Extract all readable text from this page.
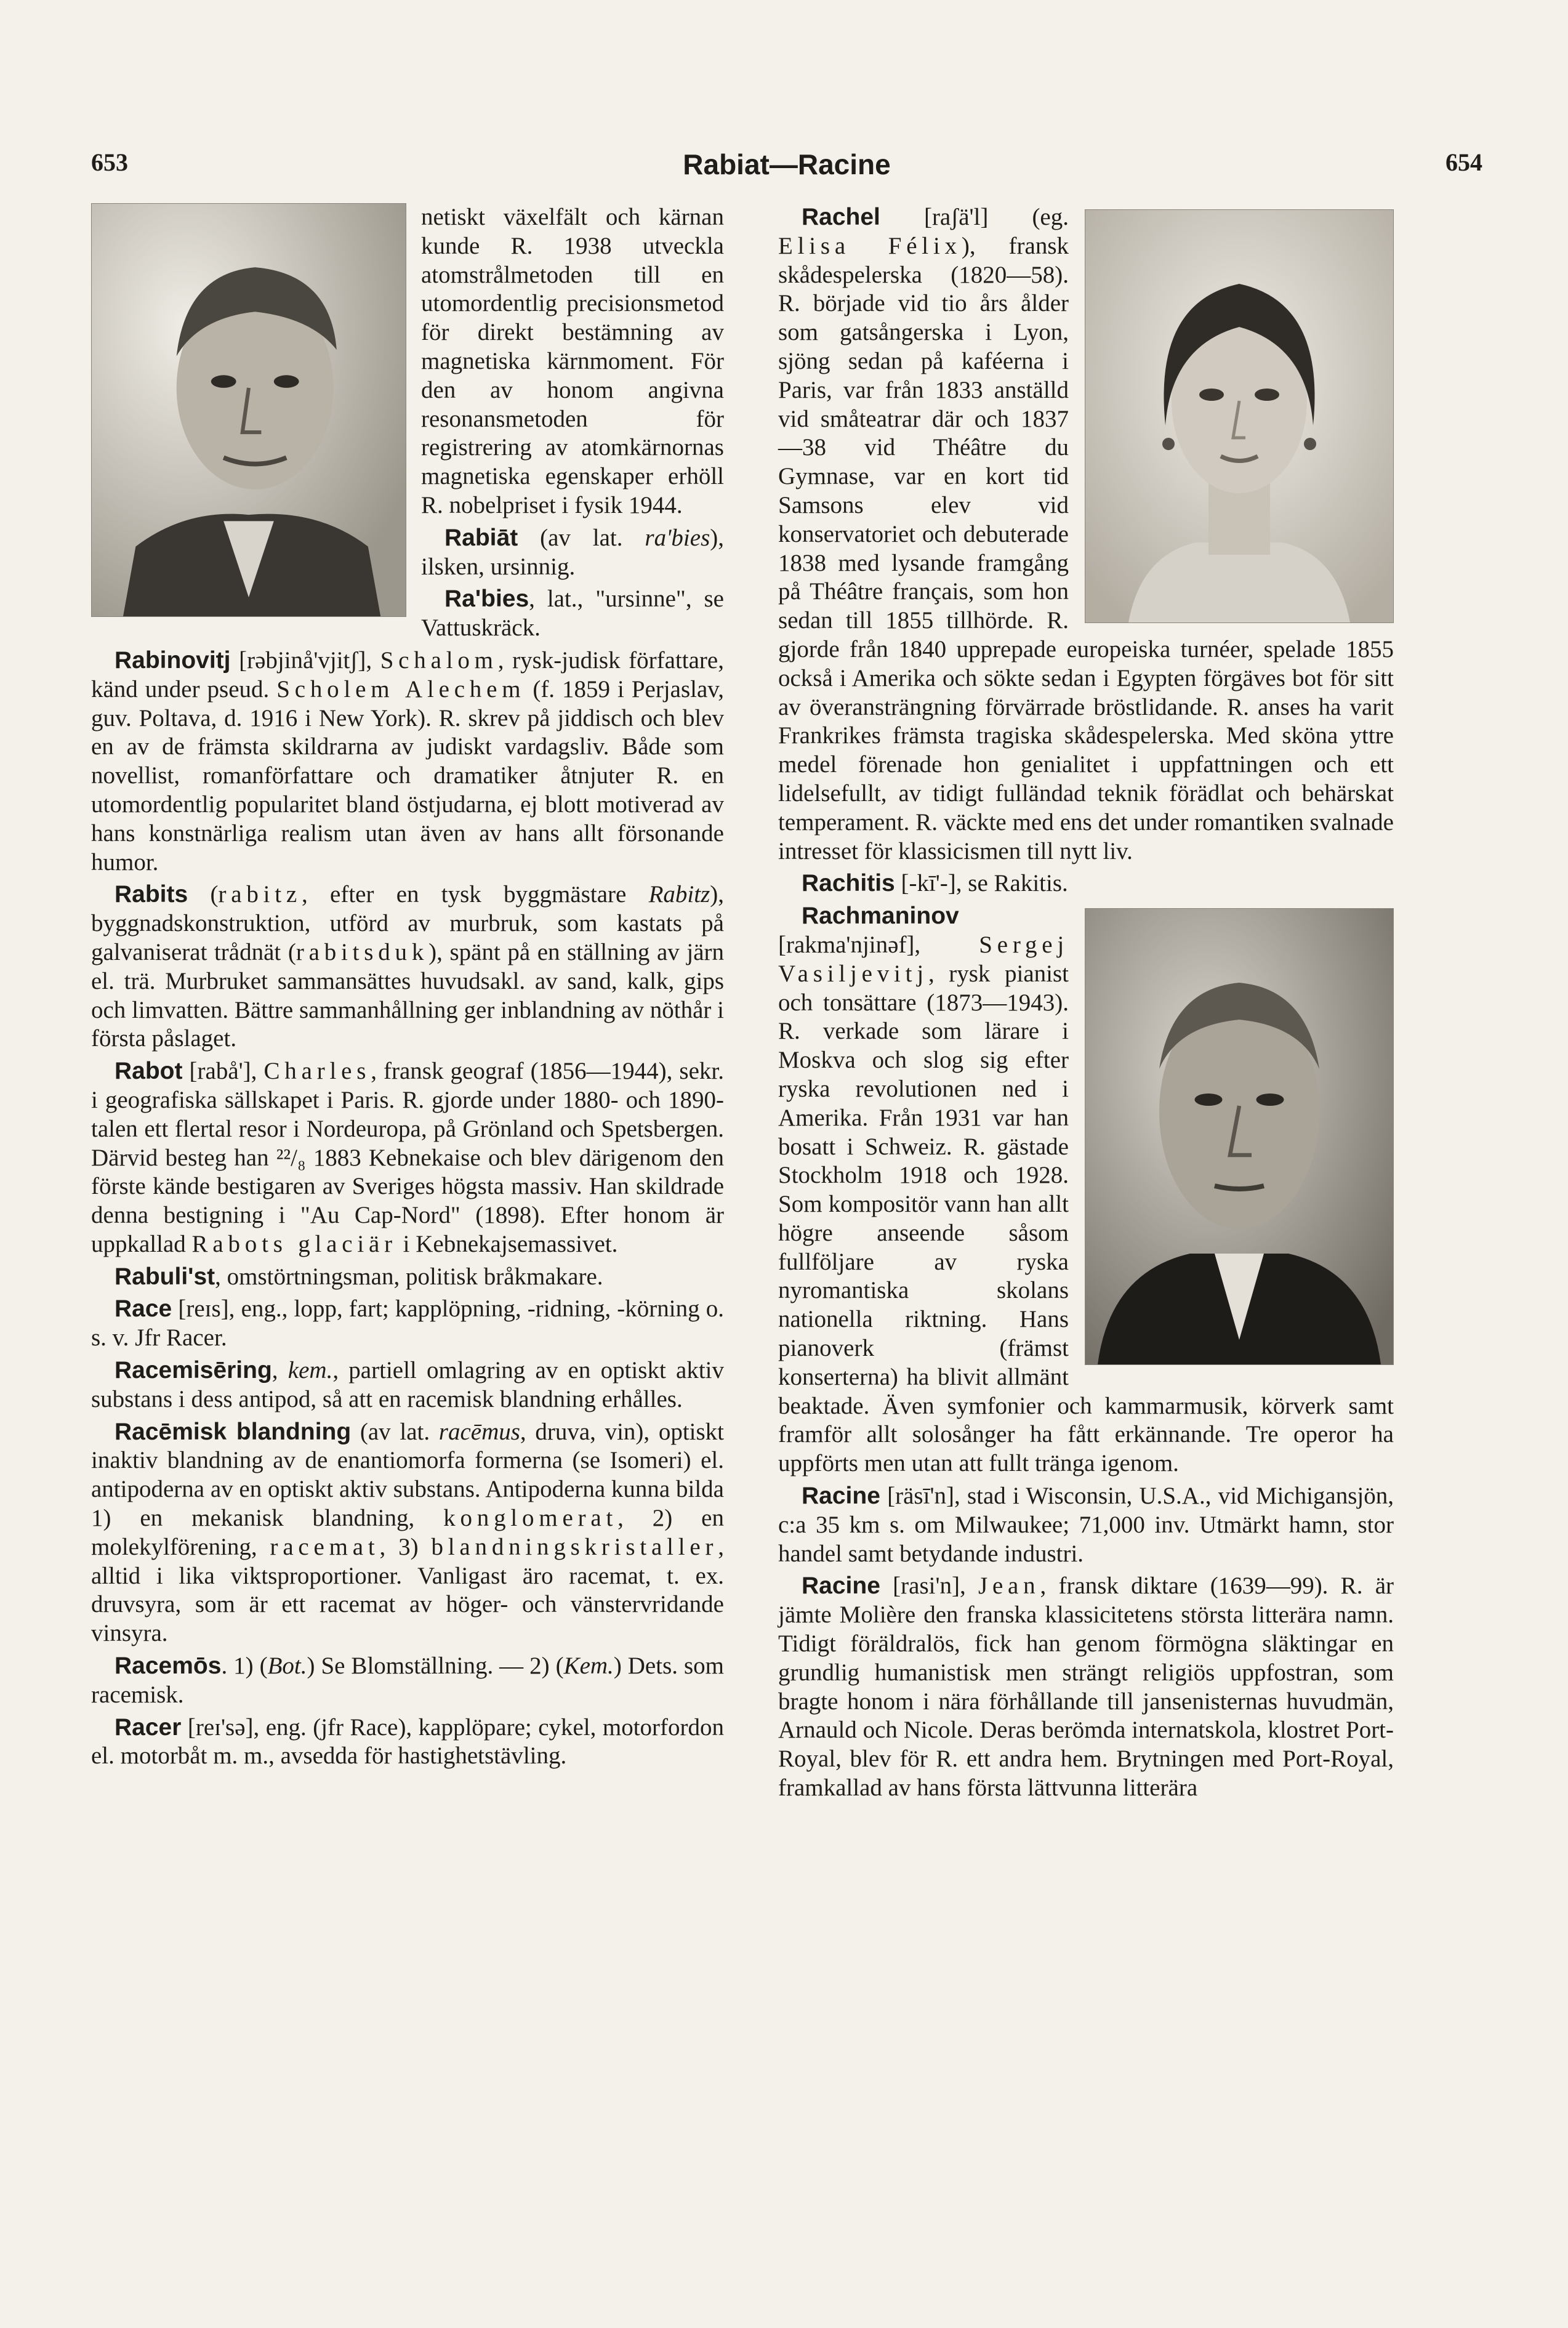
653	Rabiat—Racine	654

netiskt växelfält och kärnan kunde R. 1938 utveckla atomstrålmetoden till en utomordentlig precisionsmetod för direkt bestämning av magnetiska kärnmoment. För den av honom angivna resonansmetoden för registrering av atomkärnornas magnetiska egenskaper erhöll R. nobelpriset i fysik 1944.

Rabiāt (av lat. ra'bies), ilsken, ursinnig.

Ra'bies, lat., "ursinne", se Vattuskräck.

Rabinovitj [rəbjinå'vjitʃ], Schalom, rysk-judisk författare, känd under pseud. Scholem Alechem (f. 1859 i Perjaslav, guv. Poltava, d. 1916 i New York). R. skrev på jiddisch och blev en av de främsta skildrarna av judiskt vardagsliv. Både som novellist, romanförfattare och dramatiker åtnjuter R. en utomordentlig popularitet bland östjudarna, ej blott motiverad av hans konstnärliga realism utan även av hans allt försonande humor.

Rabits (rabitz, efter en tysk byggmästare Rabitz), byggnadskonstruktion, utförd av murbruk, som kastats på galvaniserat trådnät (rabitsduk), spänt på en ställning av järn el. trä. Murbruket sammansättes huvudsakl. av sand, kalk, gips och limvatten. Bättre sammanhållning ger inblandning av nöthår i första påslaget.

Rabot [rabå'], Charles, fransk geograf (1856—1944), sekr. i geografiska sällskapet i Paris. R. gjorde under 1880- och 1890-talen ett flertal resor i Nordeuropa, på Grönland och Spetsbergen. Därvid besteg han ²²/₈ 1883 Kebnekaise och blev därigenom den förste kände bestigaren av Sveriges högsta massiv. Han skildrade denna bestigning i "Au Cap-Nord" (1898). Efter honom är uppkallad Rabots glaciär i Kebnekajsemassivet.

Rabuli'st, omstörtningsman, politisk bråkmakare.

Race [reɪs], eng., lopp, fart; kapplöpning, -ridning, -körning o. s. v. Jfr Racer.

Racemisēring, kem., partiell omlagring av en optiskt aktiv substans i dess antipod, så att en racemisk blandning erhålles.

Racēmisk blandning (av lat. racēmus, druva, vin), optiskt inaktiv blandning av de enantiomorfa formerna (se Isomeri) el. antipoderna av en optiskt aktiv substans. Antipoderna kunna bilda 1) en mekanisk blandning, konglomerat, 2) en molekylförening, racemat, 3) blandningskristaller, alltid i lika viktsproportioner. Vanligast äro racemat, t. ex. druvsyra, som är ett racemat av höger- och vänstervridande vinsyra.

Racemōs. 1) (Bot.) Se Blomställning. — 2) (Kem.) Dets. som racemisk.

Racer [reɪ'sə], eng. (jfr Race), kapplöpare; cykel, motorfordon el. motorbåt m. m., avsedda för hastighetstävling.

Rachel [raʃä'l] (eg. Elisa Félix), fransk skådespelerska (1820—58). R. började vid tio års ålder som gatsångerska i Lyon, sjöng sedan på kaféerna i Paris, var från 1833 anställd vid småteatrar där och 1837—38 vid Théâtre du Gymnase, var en kort tid Samsons elev vid konservatoriet och debuterade 1838 med lysande framgång på Théâtre français, som hon sedan till 1855 tillhörde. R. gjorde från 1840 upprepade europeiska turnéer, spelade 1855 också i Amerika och sökte sedan i Egypten förgäves bot för sitt av överansträngning förvärrade bröstlidande. R. anses ha varit Frankrikes främsta tragiska skådespelerska. Med sköna yttre medel förenade hon genialitet i uppfattningen och ett lidelsefullt, av tidigt fulländad teknik förädlat och behärskat temperament. R. väckte med ens det under romantiken svalnade intresset för klassicismen till nytt liv.

Rachitis [-kī'-], se Rakitis.

Rachmaninov [rakma'njinəf], Sergej Vasiljevitj, rysk pianist och tonsättare (1873—1943). R. verkade som lärare i Moskva och slog sig efter ryska revolutionen ned i Amerika. Från 1931 var han bosatt i Schweiz. R. gästade Stockholm 1918 och 1928. Som kompositör vann han allt högre anseende såsom fullföljare av ryska nyromantiska skolans nationella riktning. Hans pianoverk (främst konserterna) ha blivit allmänt beaktade. Även symfonier och kammarmusik, körverk samt framför allt solosånger ha fått erkännande. Tre operor ha uppförts men utan att fullt tränga igenom.

Racine [räsī'n], stad i Wisconsin, U.S.A., vid Michigansjön, c:a 35 km s. om Milwaukee; 71,000 inv. Utmärkt hamn, stor handel samt betydande industri.

Racine [rasi'n], Jean, fransk diktare (1639—99). R. är jämte Molière den franska klassicitetens största litterära namn. Tidigt föräldralös, fick han genom förmögna släktingar en grundlig humanistisk men strängt religiös uppfostran, som bragte honom i nära förhållande till jansenisternas huvudmän, Arnauld och Nicole. Deras berömda internatskola, klostret Port-Royal, blev för R. ett andra hem. Brytningen med Port-Royal, framkallad av hans första lättvunna litterära
